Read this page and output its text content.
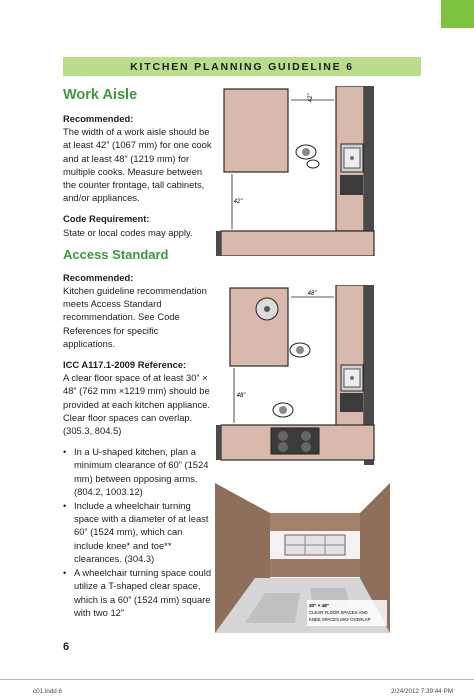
KITCHEN PLANNING GUIDELINE 6
Work Aisle

Recommended:

The width of a work aisle should be at least 42” (1067 mm) for one cook and at least 48” (1219 mm) for multiple cooks. Measure between the counter frontage, tall cabinets, and/or appliances.

Code Requirement:

State or local codes may apply.

Access Standard

Recommended:

Kitchen guideline recommendation meets Access Standard recommendation. See Code References for specific applications.

ICC A117.1-2009 Reference:

A clear floor space of at least 30” × 48” (762 mm ×1219 mm) should be provided at each kitchen appliance. Clear floor spaces can overlap. (305.3, 804.5)

• In a U-shaped kitchen, plan a minimum clearance of 60” (1524 mm) between opposing arms. (804.2, 1003.12)
• Include a wheelchair turning space with a diameter of at least 60” (1524 mm), which can include knee* and toe** clearances. (304.3)
• A wheelchair turning space could utilize a T-shaped clear space, which is a 60” (1524 mm) square with two 12”
42”
42”
48”
48”
30” × 48”
CLEAR FLOOR SPACES AND
KNEE SPACES MAY OVERLAP
6
c01.indd 6	2/24/2012 7:39:44 PM
